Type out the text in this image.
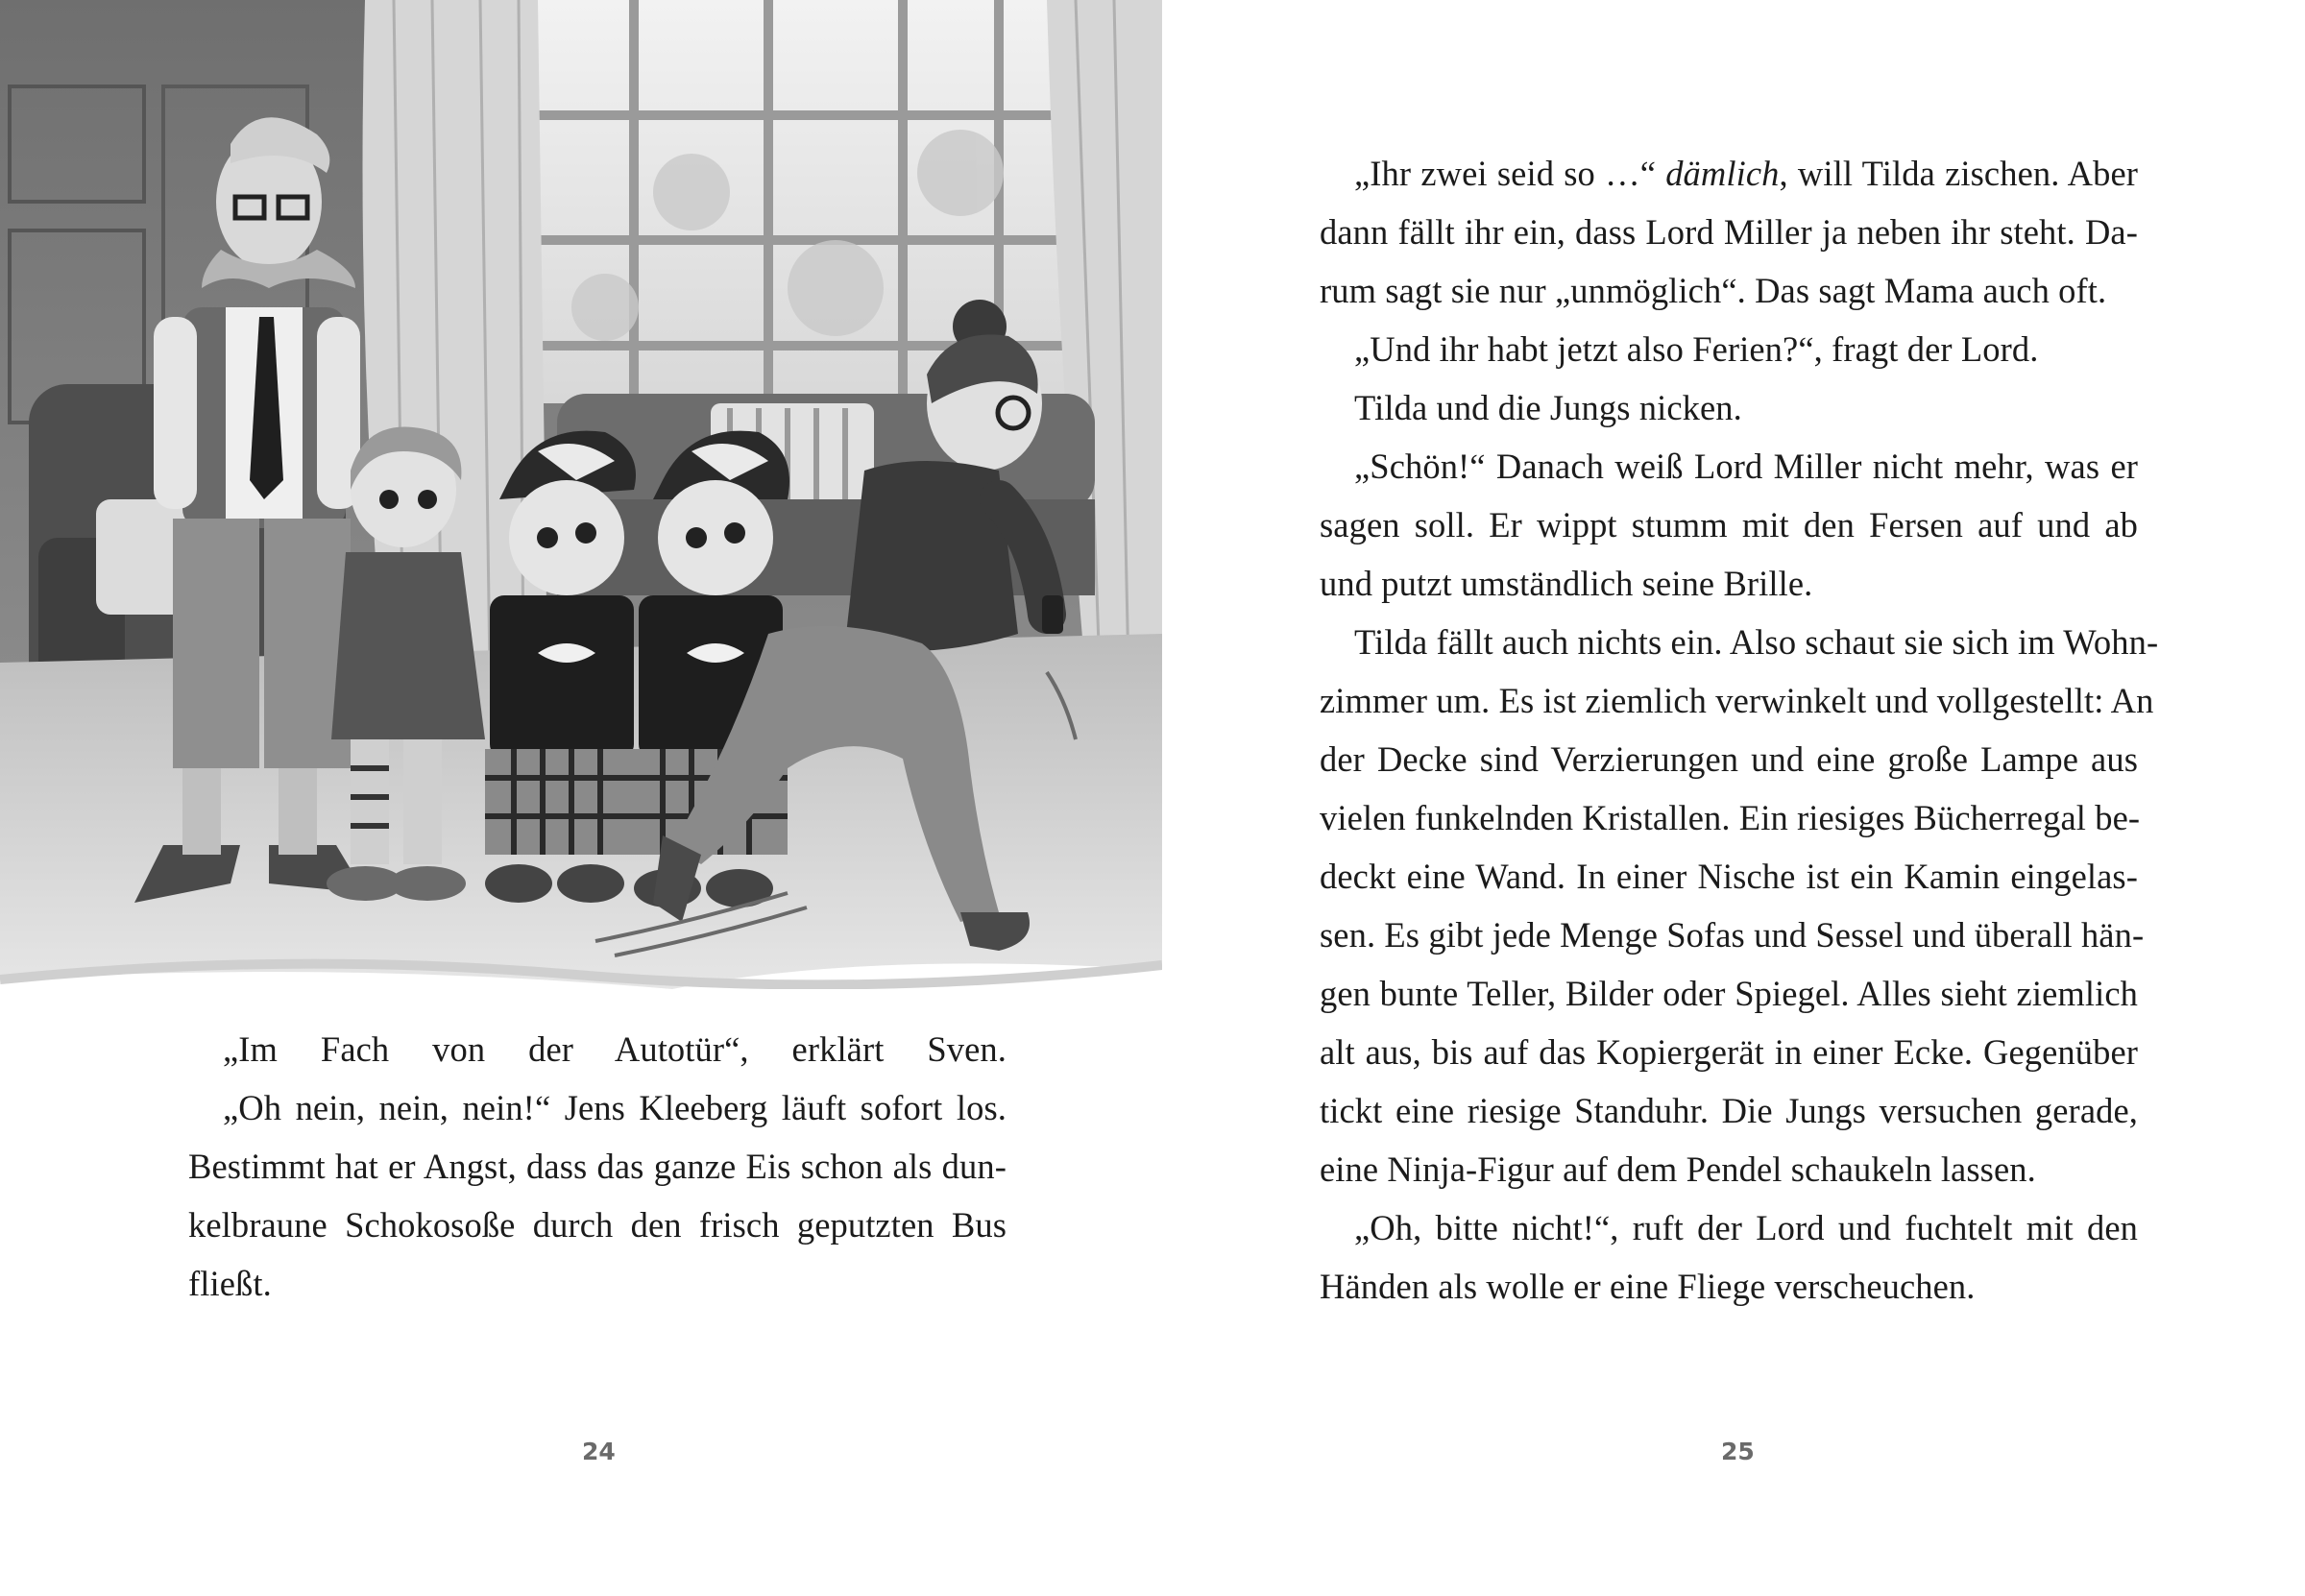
„Im Fach von der Autotür“, erklärt Sven.
„Oh nein, nein, nein!“ Jens Kleeberg läuft sofort los.
Bestimmt hat er Angst, dass das ganze Eis schon als dun-
kelbraune Schokosoße durch den frisch geputzten Bus
fließt.
24
„Ihr zwei seid so …“ dämlich, will Tilda zischen. Aber
dann fällt ihr ein, dass Lord Miller ja neben ihr steht. Da-
rum sagt sie nur „unmöglich“. Das sagt Mama auch oft.
„Und ihr habt jetzt also Ferien?“, fragt der Lord.
Tilda und die Jungs nicken.
„Schön!“ Danach weiß Lord Miller nicht mehr, was er
sagen soll. Er wippt stumm mit den Fersen auf und ab
und putzt umständlich seine Brille.
Tilda fällt auch nichts ein. Also schaut sie sich im Wohn-
zimmer um. Es ist ziemlich verwinkelt und vollgestellt: An
der Decke sind Verzierungen und eine große Lampe aus
vielen funkelnden Kristallen. Ein riesiges Bücherregal be-
deckt eine Wand. In einer Nische ist ein Kamin eingelas-
sen. Es gibt jede Menge Sofas und Sessel und überall hän-
gen bunte Teller, Bilder oder Spiegel. Alles sieht ziemlich
alt aus, bis auf das Kopiergerät in einer Ecke. Gegenüber
tickt eine riesige Standuhr. Die Jungs versuchen gerade,
eine Ninja-Figur auf dem Pendel schaukeln lassen.
„Oh, bitte nicht!“, ruft der Lord und fuchtelt mit den
Händen als wolle er eine Fliege verscheuchen.
25
